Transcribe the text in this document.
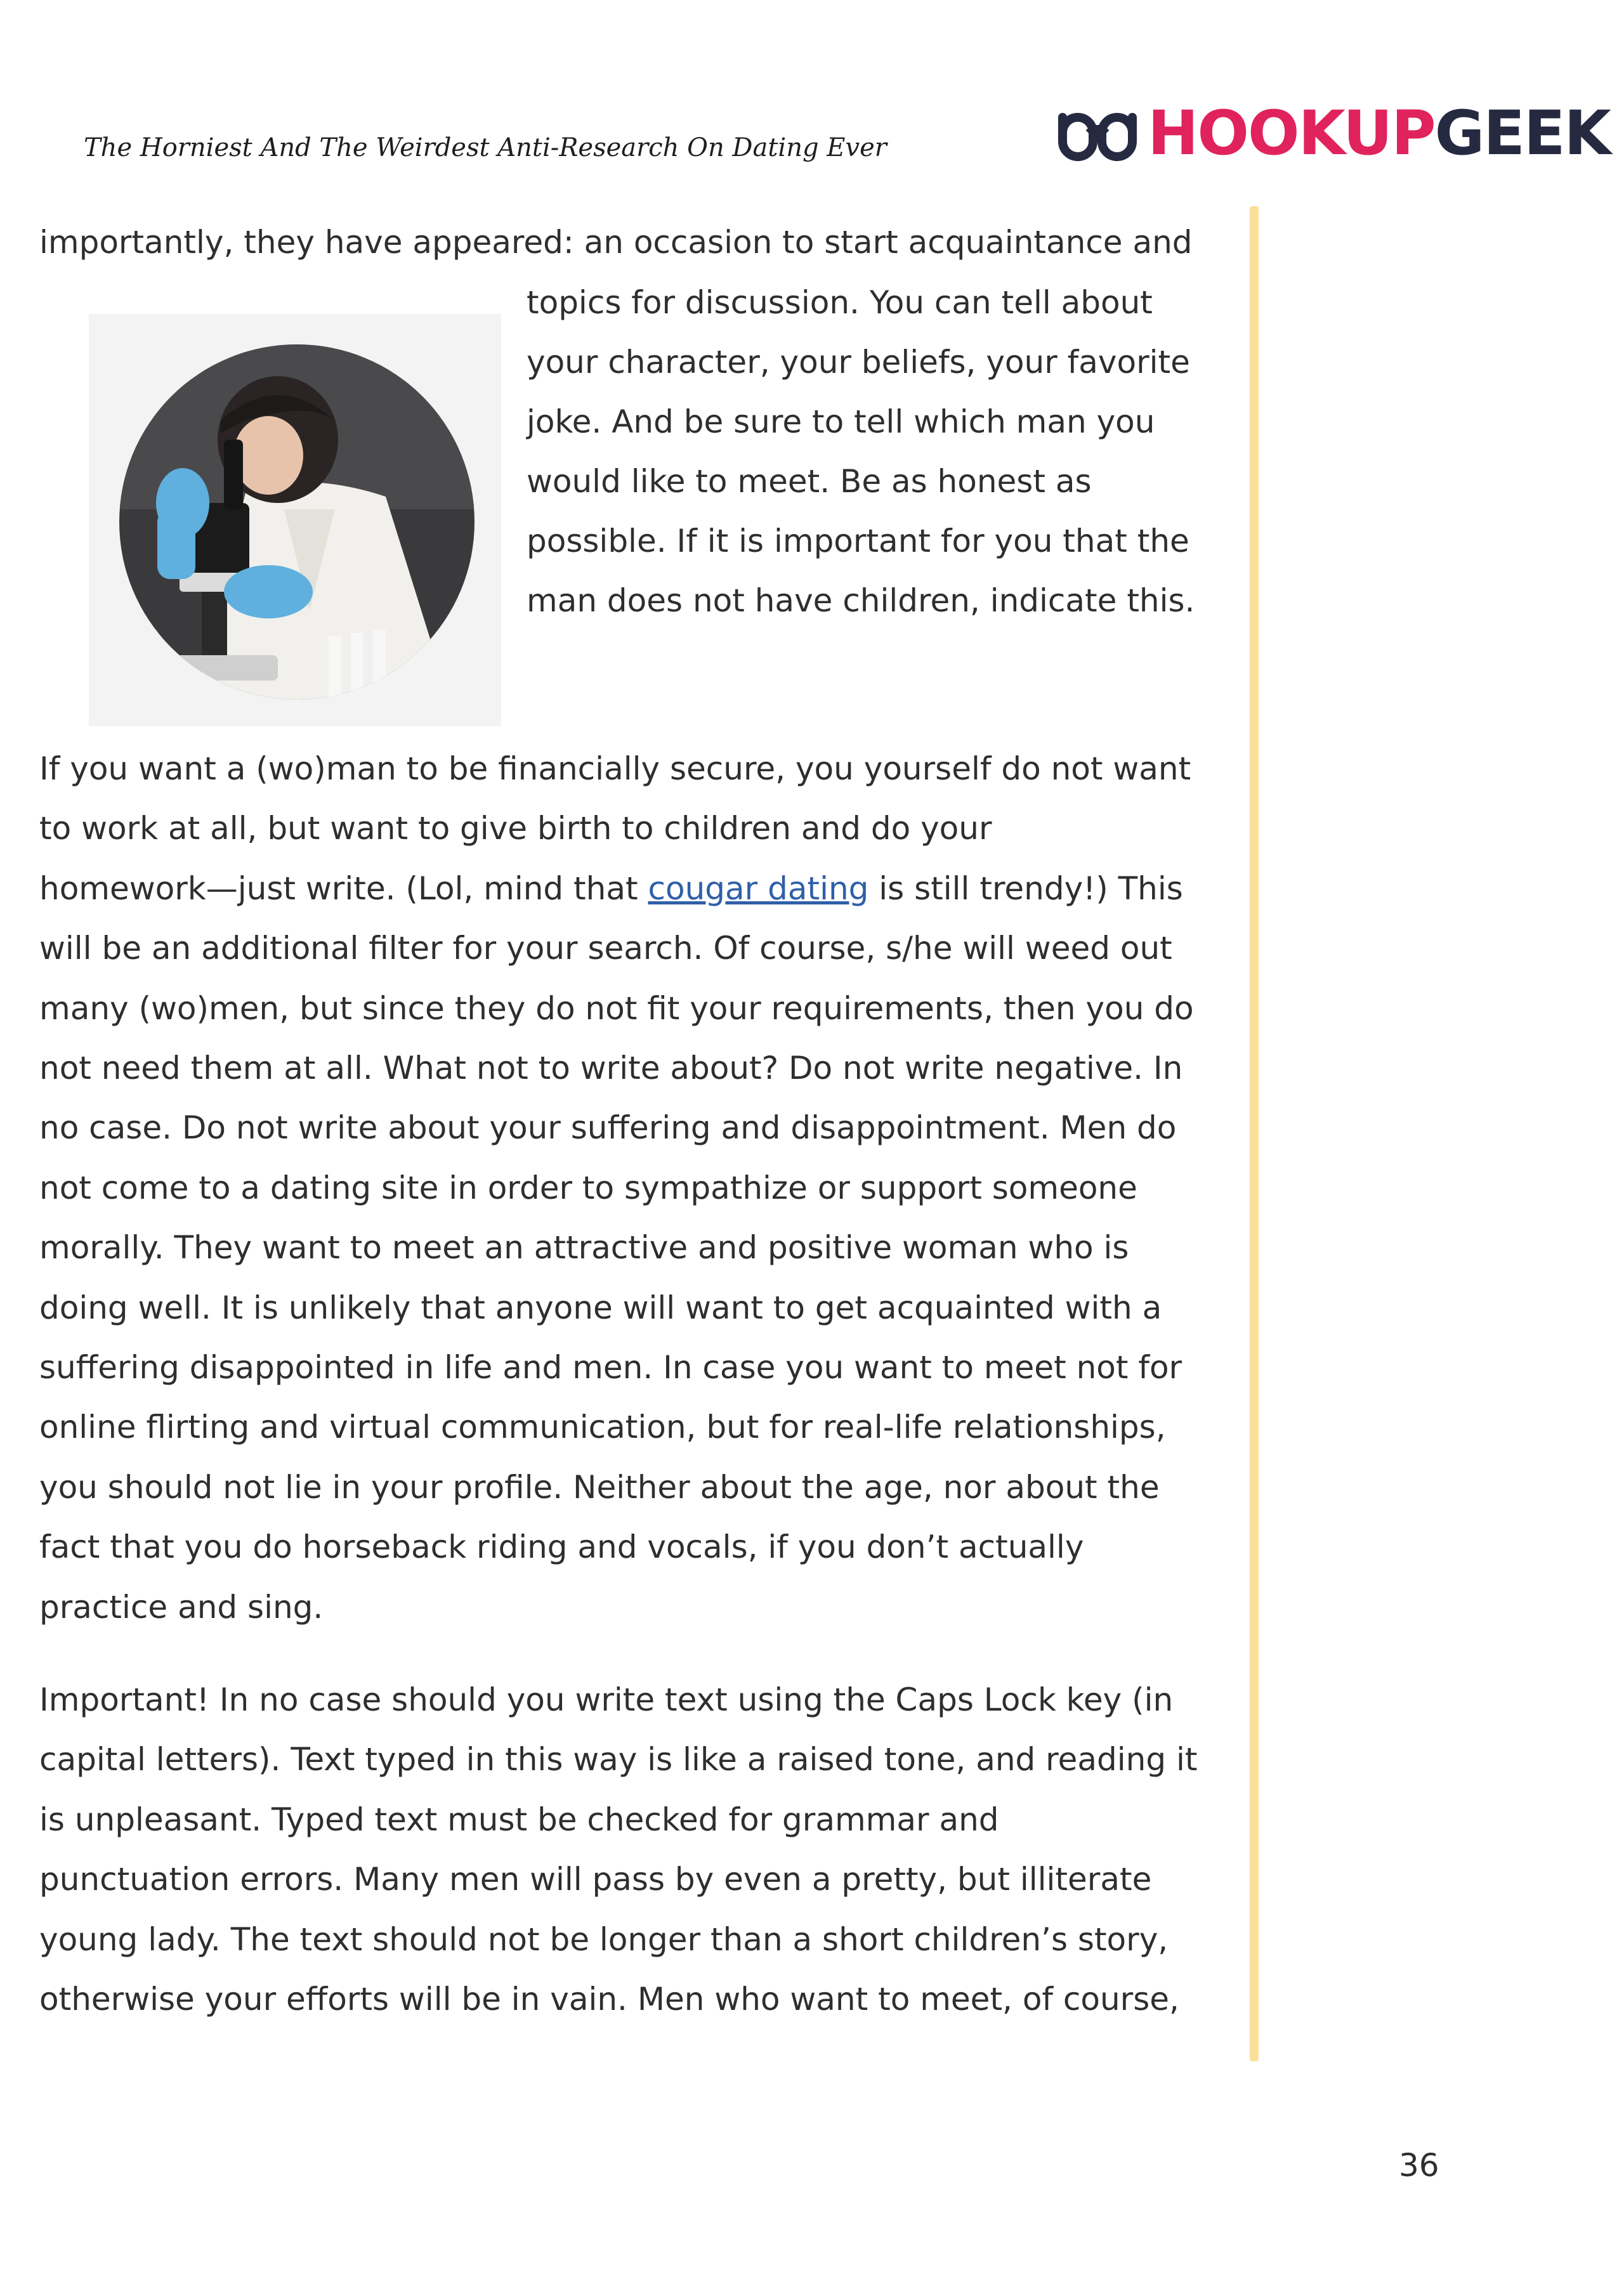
The Horniest And The Weirdest Anti-Research On Dating Ever	HOOKUPGEEK
importantly, they have appeared: an occasion to start acquaintance and
topics for discussion. You can tell about
your character, your beliefs, your favorite
joke. And be sure to tell which man you
would like to meet. Be as honest as
possible. If it is important for you that the
man does not have children, indicate this.
If you want a (wo)man to be financially secure, you yourself do not want
to work at all, but want to give birth to children and do your
homework—just write. (Lol, mind that cougar dating is still trendy!) This
will be an additional filter for your search. Of course, s/he will weed out
many (wo)men, but since they do not fit your requirements, then you do
not need them at all. What not to write about? Do not write negative. In
no case. Do not write about your suffering and disappointment. Men do
not come to a dating site in order to sympathize or support someone
morally. They want to meet an attractive and positive woman who is
doing well. It is unlikely that anyone will want to get acquainted with a
suffering disappointed in life and men. In case you want to meet not for
online flirting and virtual communication, but for real-life relationships,
you should not lie in your profile. Neither about the age, nor about the
fact that you do horseback riding and vocals, if you don’t actually
practice and sing.
Important! In no case should you write text using the Caps Lock key (in
capital letters). Text typed in this way is like a raised tone, and reading it
is unpleasant. Typed text must be checked for grammar and
punctuation errors. Many men will pass by even a pretty, but illiterate
young lady. The text should not be longer than a short children’s story,
otherwise your efforts will be in vain. Men who want to meet, of course,
36
